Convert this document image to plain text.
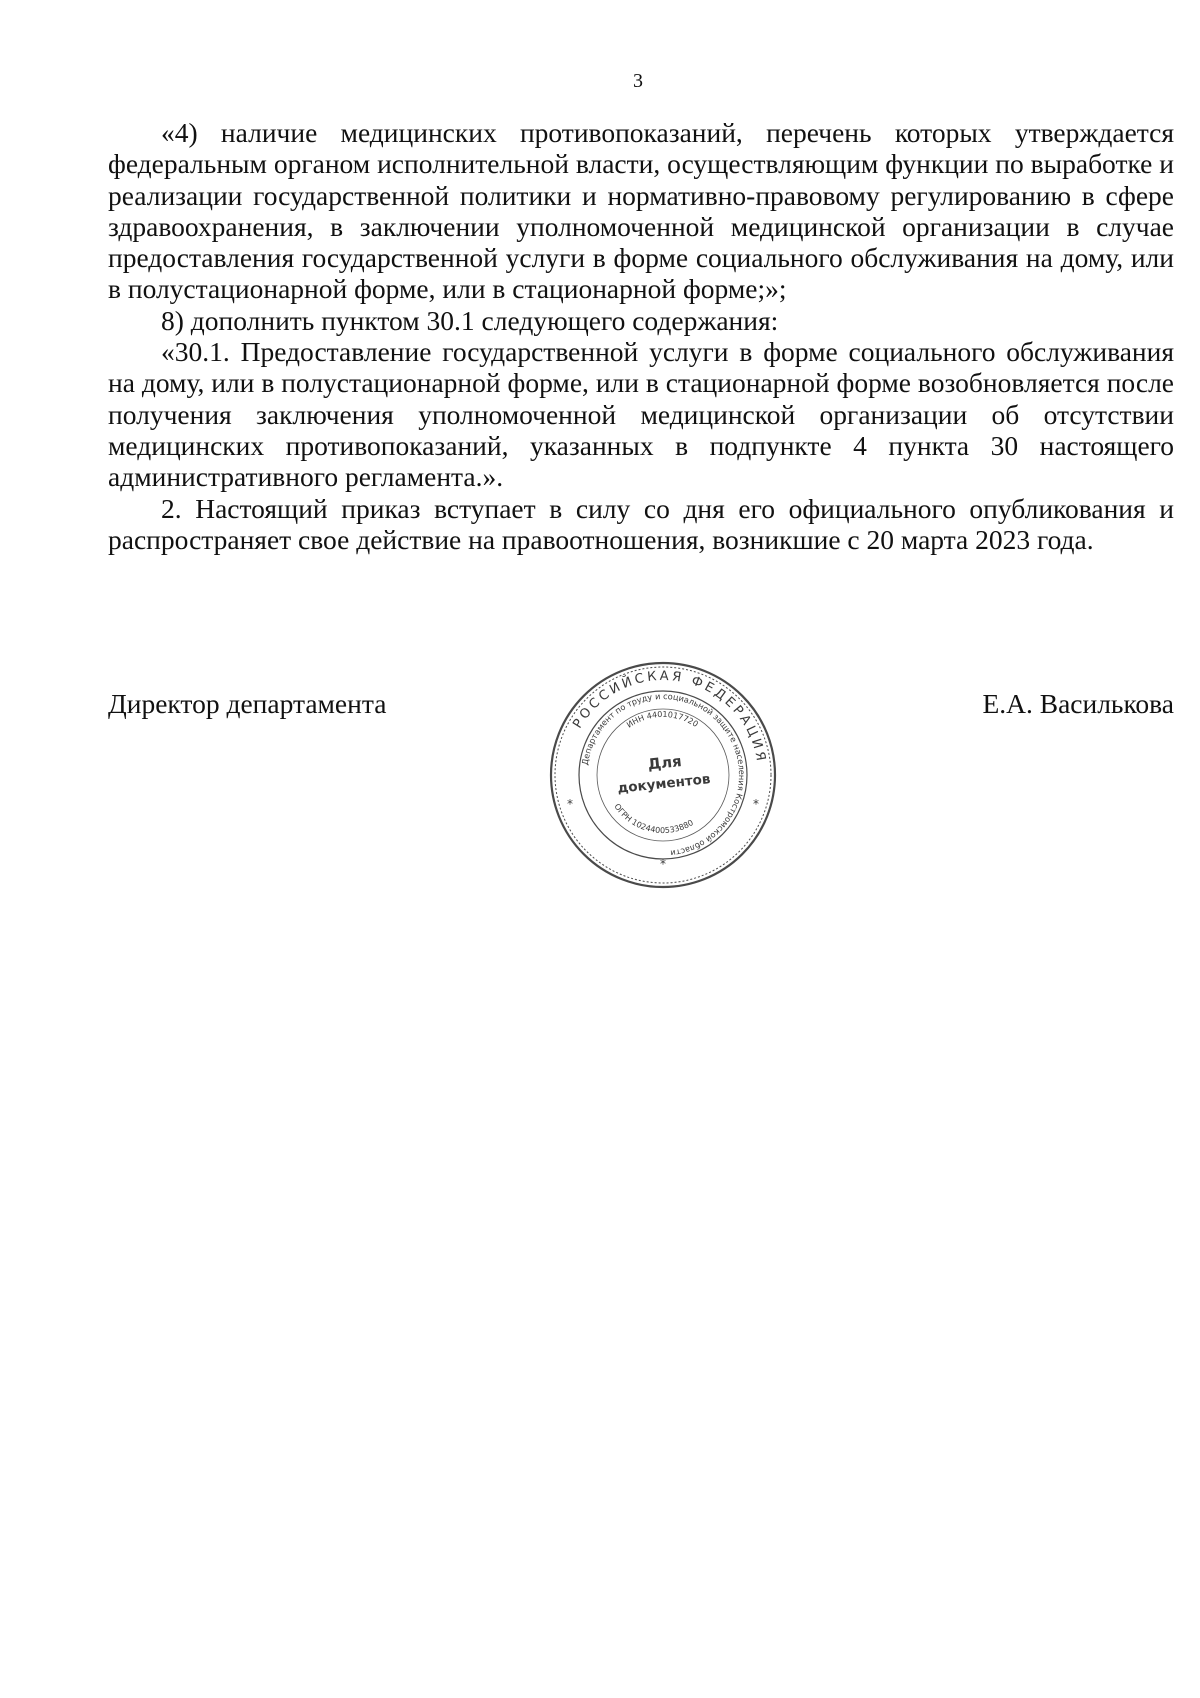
3

«4) наличие медицинских противопоказаний, перечень которых утверждается федеральным органом исполнительной власти, осуществляющим функции по выработке и реализации государственной политики и нормативно-правовому регулированию в сфере здравоохранения, в заключении уполномоченной медицинской организации в случае предоставления государственной услуги в форме социального обслуживания на дому, или в полустационарной форме, или в стационарной форме;»;

8) дополнить пунктом 30.1 следующего содержания:

«30.1. Предоставление государственной услуги в форме социального обслуживания на дому, или в полустационарной форме, или в стационарной форме возобновляется после получения заключения уполномоченной медицинской организации об отсутствии медицинских противопоказаний, указанных в подпункте 4 пункта 30 настоящего административного регламента.».

2. Настоящий приказ вступает в силу со дня его официального опубликования и распространяет свое действие на правоотношения, возникшие с 20 марта 2023 года.

Директор департамента	Е.А. Василькова
РОССИЙСКАЯ ФЕДЕРАЦИЯ
Департамент по труду и социальной защите населения Костромской области
ИНН 4401017720
ОГРН 1024400533880
Для
документов
*
*	*
